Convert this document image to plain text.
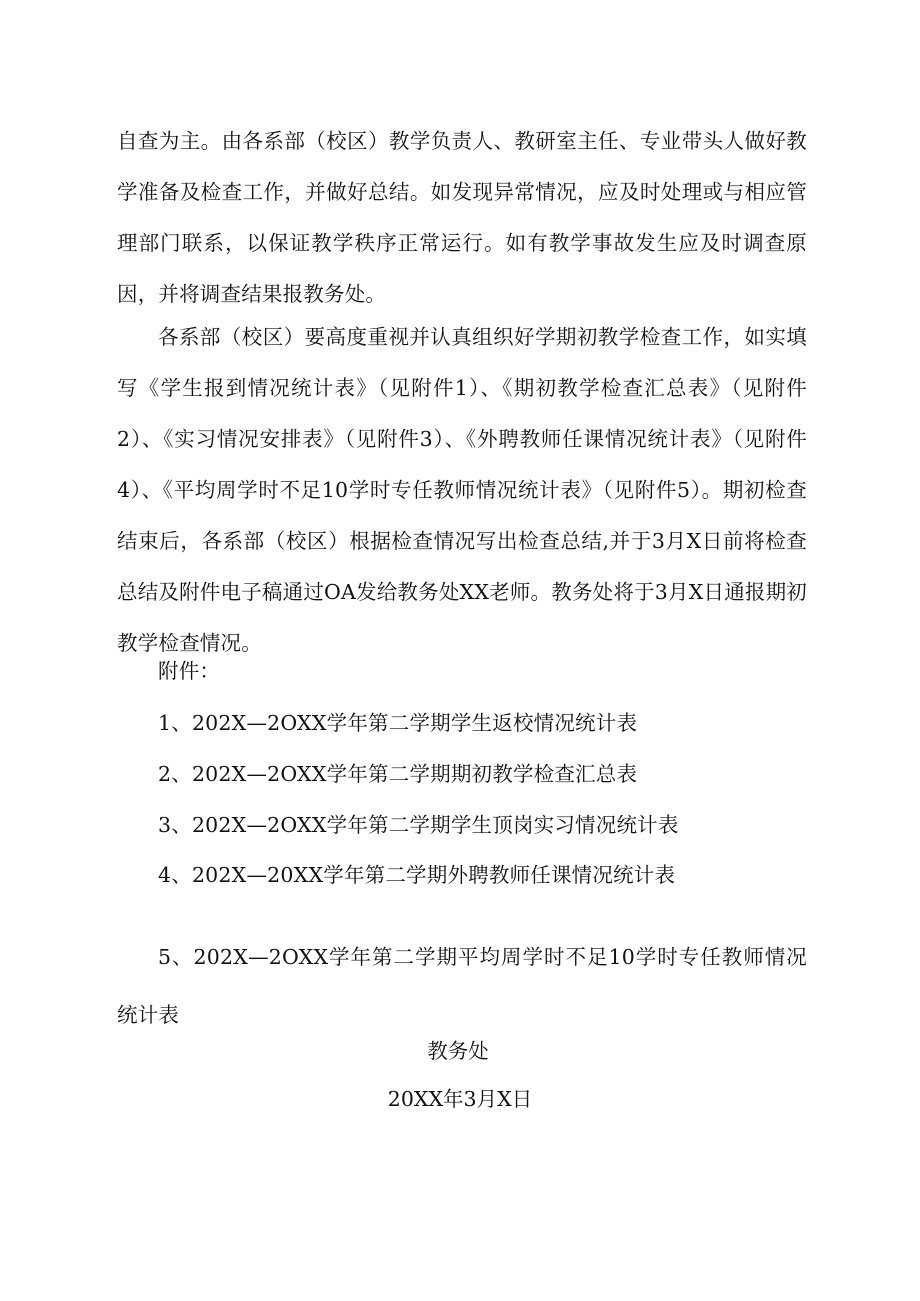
自查为主。由各系部（校区）教学负责人、教研室主任、专业带头人做好教学准备及检查工作，并做好总结。如发现异常情况，应及时处理或与相应管理部门联系，以保证教学秩序正常运行。如有教学事故发生应及时调查原因，并将调查结果报教务处。

各系部（校区）要高度重视并认真组织好学期初教学检查工作，如实填写《学生报到情况统计表》（见附件1）、《期初教学检查汇总表》（见附件2）、《实习情况安排表》（见附件3）、《外聘教师任课情况统计表》（见附件4）、《平均周学时不足10学时专任教师情况统计表》（见附件5）。期初检查结束后，各系部（校区）根据检查情况写出检查总结,并于3月X日前将检查总结及附件电子稿通过OA发给教务处XX老师。教务处将于3月X日通报期初教学检查情况。

附件：

1、202X—2OXX学年第二学期学生返校情况统计表

2、202X—2OXX学年第二学期期初教学检查汇总表

3、202X—2OXX学年第二学期学生顶岗实习情况统计表

4、202X—20XX学年第二学期外聘教师任课情况统计表

5、202X—2OXX学年第二学期平均周学时不足10学时专任教师情况统计表

教务处

20XX年3月X日
